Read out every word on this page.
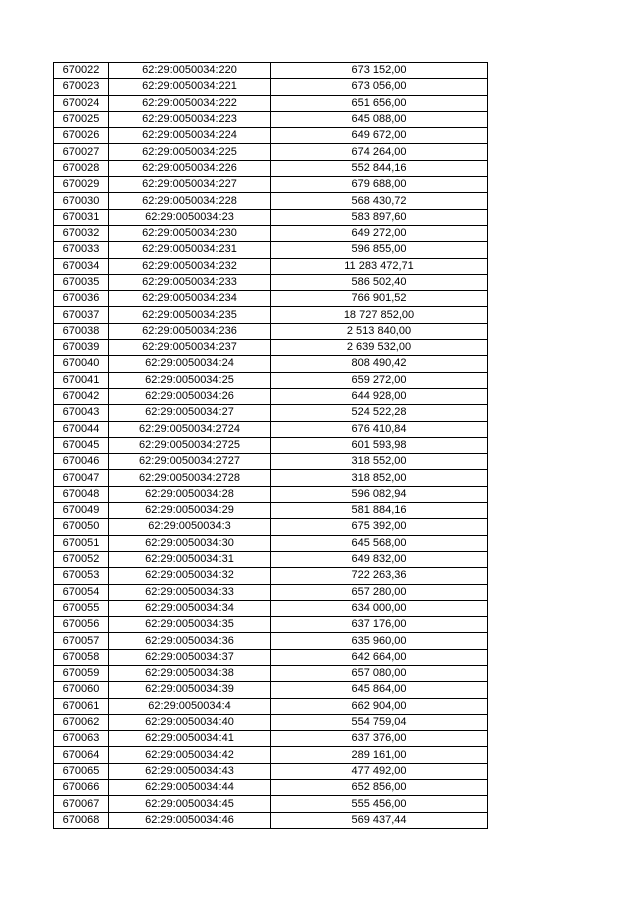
670022	62:29:0050034:220	673 152,00
670023	62:29:0050034:221	673 056,00
670024	62:29:0050034:222	651 656,00
670025	62:29:0050034:223	645 088,00
670026	62:29:0050034:224	649 672,00
670027	62:29:0050034:225	674 264,00
670028	62:29:0050034:226	552 844,16
670029	62:29:0050034:227	679 688,00
670030	62:29:0050034:228	568 430,72
670031	62:29:0050034:23	583 897,60
670032	62:29:0050034:230	649 272,00
670033	62:29:0050034:231	596 855,00
670034	62:29:0050034:232	11 283 472,71
670035	62:29:0050034:233	586 502,40
670036	62:29:0050034:234	766 901,52
670037	62:29:0050034:235	18 727 852,00
670038	62:29:0050034:236	2 513 840,00
670039	62:29:0050034:237	2 639 532,00
670040	62:29:0050034:24	808 490,42
670041	62:29:0050034:25	659 272,00
670042	62:29:0050034:26	644 928,00
670043	62:29:0050034:27	524 522,28
670044	62:29:0050034:2724	676 410,84
670045	62:29:0050034:2725	601 593,98
670046	62:29:0050034:2727	318 552,00
670047	62:29:0050034:2728	318 852,00
670048	62:29:0050034:28	596 082,94
670049	62:29:0050034:29	581 884,16
670050	62:29:0050034:3	675 392,00
670051	62:29:0050034:30	645 568,00
670052	62:29:0050034:31	649 832,00
670053	62:29:0050034:32	722 263,36
670054	62:29:0050034:33	657 280,00
670055	62:29:0050034:34	634 000,00
670056	62:29:0050034:35	637 176,00
670057	62:29:0050034:36	635 960,00
670058	62:29:0050034:37	642 664,00
670059	62:29:0050034:38	657 080,00
670060	62:29:0050034:39	645 864,00
670061	62:29:0050034:4	662 904,00
670062	62:29:0050034:40	554 759,04
670063	62:29:0050034:41	637 376,00
670064	62:29:0050034:42	289 161,00
670065	62:29:0050034:43	477 492,00
670066	62:29:0050034:44	652 856,00
670067	62:29:0050034:45	555 456,00
670068	62:29:0050034:46	569 437,44
